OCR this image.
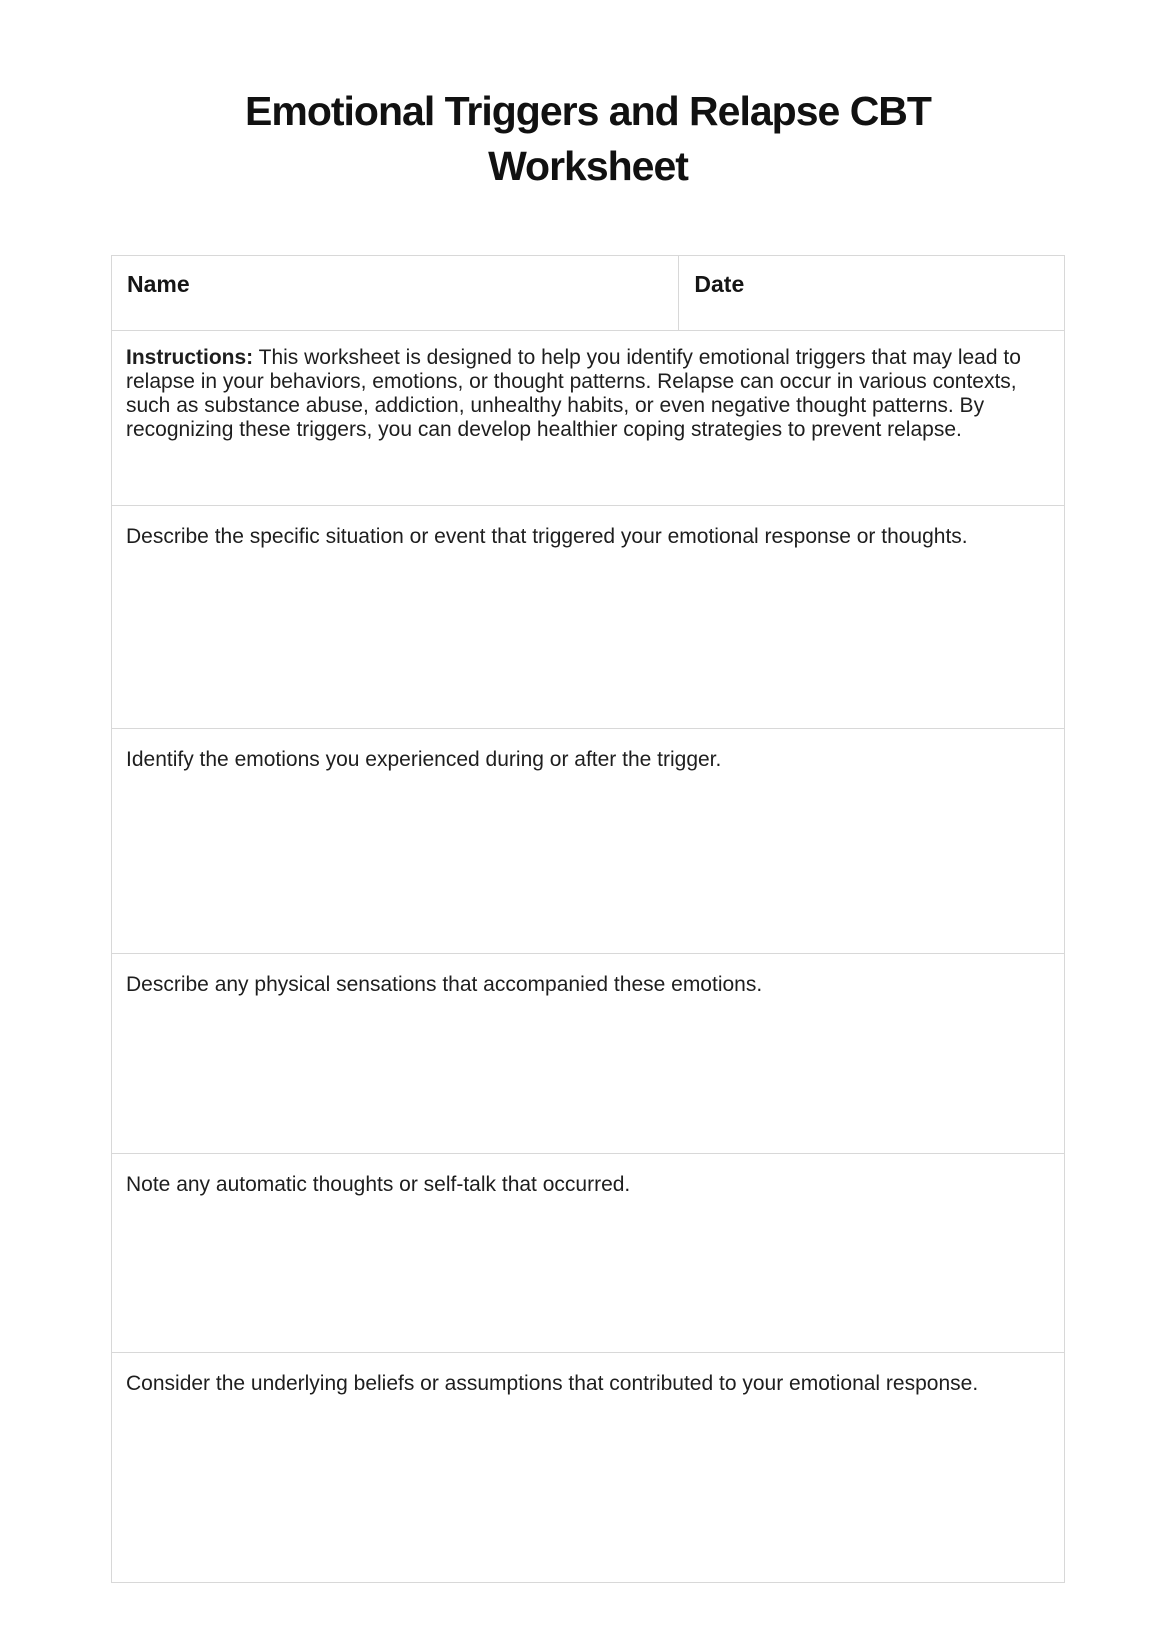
Emotional Triggers and Relapse CBT Worksheet
Name	Date

Instructions: This worksheet is designed to help you identify emotional triggers that may lead to relapse in your behaviors, emotions, or thought patterns. Relapse can occur in various contexts, such as substance abuse, addiction, unhealthy habits, or even negative thought patterns. By recognizing these triggers, you can develop healthier coping strategies to prevent relapse.

Describe the specific situation or event that triggered your emotional response or thoughts.
Identify the emotions you experienced during or after the trigger.
Describe any physical sensations that accompanied these emotions.
Note any automatic thoughts or self-talk that occurred.
Consider the underlying beliefs or assumptions that contributed to your emotional response.
